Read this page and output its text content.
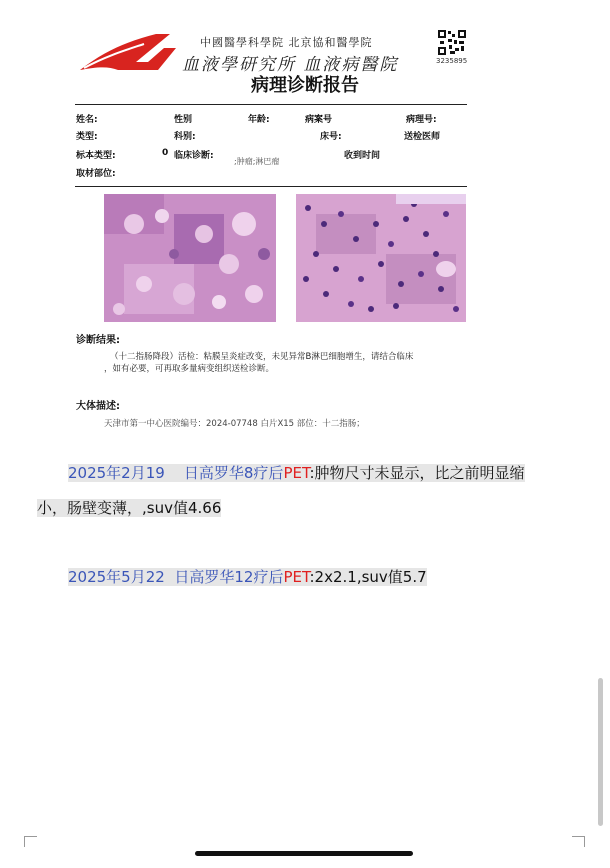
中國醫學科學院 北京協和醫學院
血液學研究所 血液病醫院	3235895
病理诊断报告
姓名:	性别	年龄:	病案号	病理号:
类型:	科别:	床号:	送检医师
标本类型:	0 临床诊断:
;肿瘤;淋巴瘤
收到时间
取材部位:
诊断结果:
（十二指肠降段）活检：粘膜呈炎症改变，未见异常B淋巴细胞增生，请结合临床
，如有必要，可再取多量病变组织送检诊断。
大体描述:
天津市第一中心医院编号：2024-07748 白片X15 部位：十二指肠；
2025年2月19 日高罗华8疗后PET:肿物尺寸未显示，比之前明显缩
小，肠壁变薄，,suv值4.66
2025年5月22 日高罗华12疗后PET:2x2.1,suv值5.7
